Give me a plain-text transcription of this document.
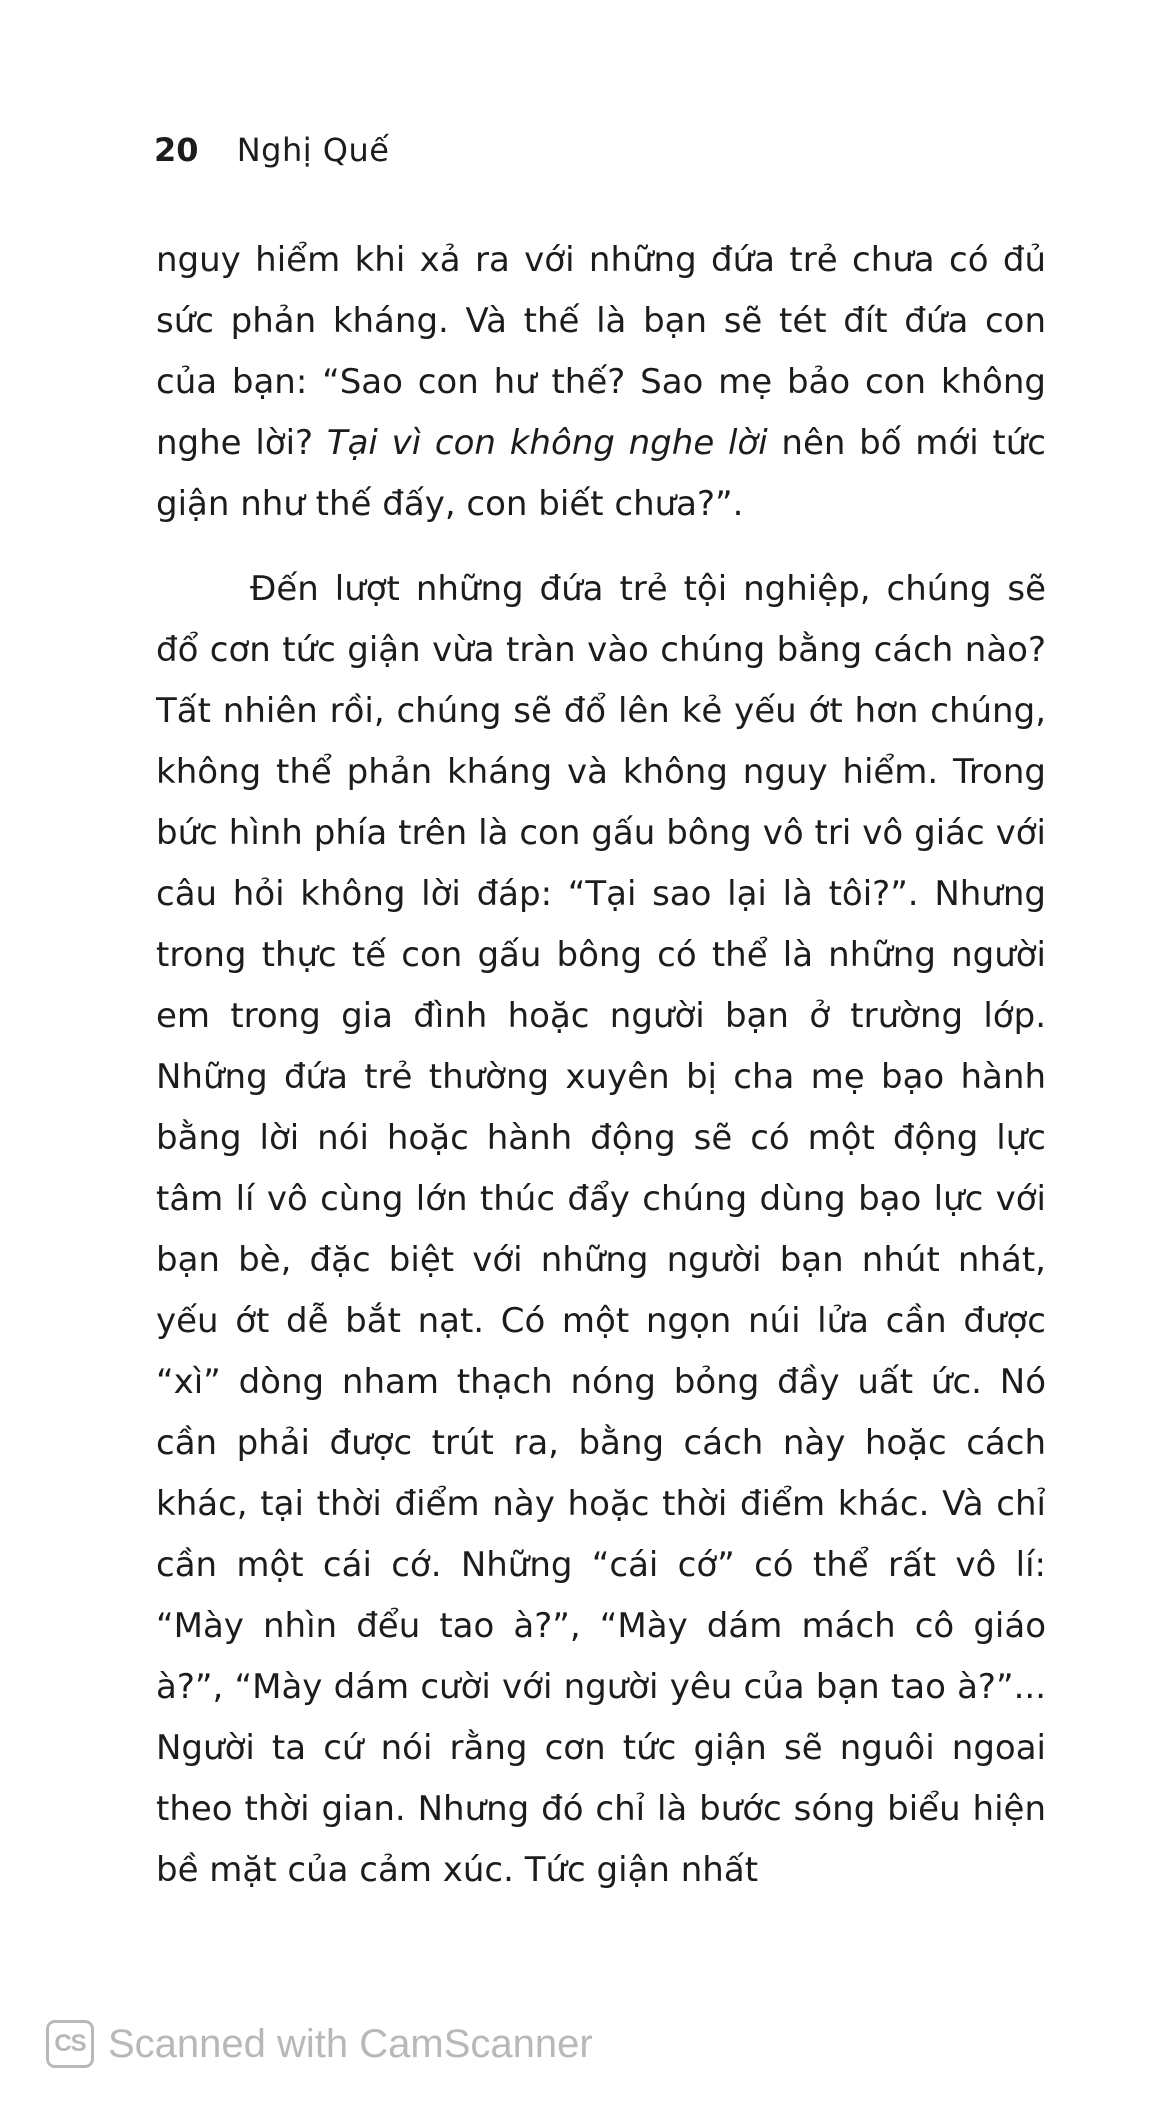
20 Nghị Quế

nguy hiểm khi xả ra với những đứa trẻ chưa có đủ sức phản kháng. Và thế là bạn sẽ tét đít đứa con của bạn: “Sao con hư thế? Sao mẹ bảo con không nghe lời? Tại vì con không nghe lời nên bố mới tức giận như thế đấy, con biết chưa?”.

Đến lượt những đứa trẻ tội nghiệp, chúng sẽ đổ cơn tức giận vừa tràn vào chúng bằng cách nào? Tất nhiên rồi, chúng sẽ đổ lên kẻ yếu ớt hơn chúng, không thể phản kháng và không nguy hiểm. Trong bức hình phía trên là con gấu bông vô tri vô giác với câu hỏi không lời đáp: “Tại sao lại là tôi?”. Nhưng trong thực tế con gấu bông có thể là những người em trong gia đình hoặc người bạn ở trường lớp. Những đứa trẻ thường xuyên bị cha mẹ bạo hành bằng lời nói hoặc hành động sẽ có một động lực tâm lí vô cùng lớn thúc đẩy chúng dùng bạo lực với bạn bè, đặc biệt với những người bạn nhút nhát, yếu ớt dễ bắt nạt. Có một ngọn núi lửa cần được “xì” dòng nham thạch nóng bỏng đầy uất ức. Nó cần phải được trút ra, bằng cách này hoặc cách khác, tại thời điểm này hoặc thời điểm khác. Và chỉ cần một cái cớ. Những “cái cớ” có thể rất vô lí: “Mày nhìn đểu tao à?”, “Mày dám mách cô giáo à?”, “Mày dám cười với người yêu của bạn tao à?”... Người ta cứ nói rằng cơn tức giận sẽ nguôi ngoai theo thời gian. Nhưng đó chỉ là bước sóng biểu hiện bề mặt của cảm xúc. Tức giận nhất

CS Scanned with CamScanner
